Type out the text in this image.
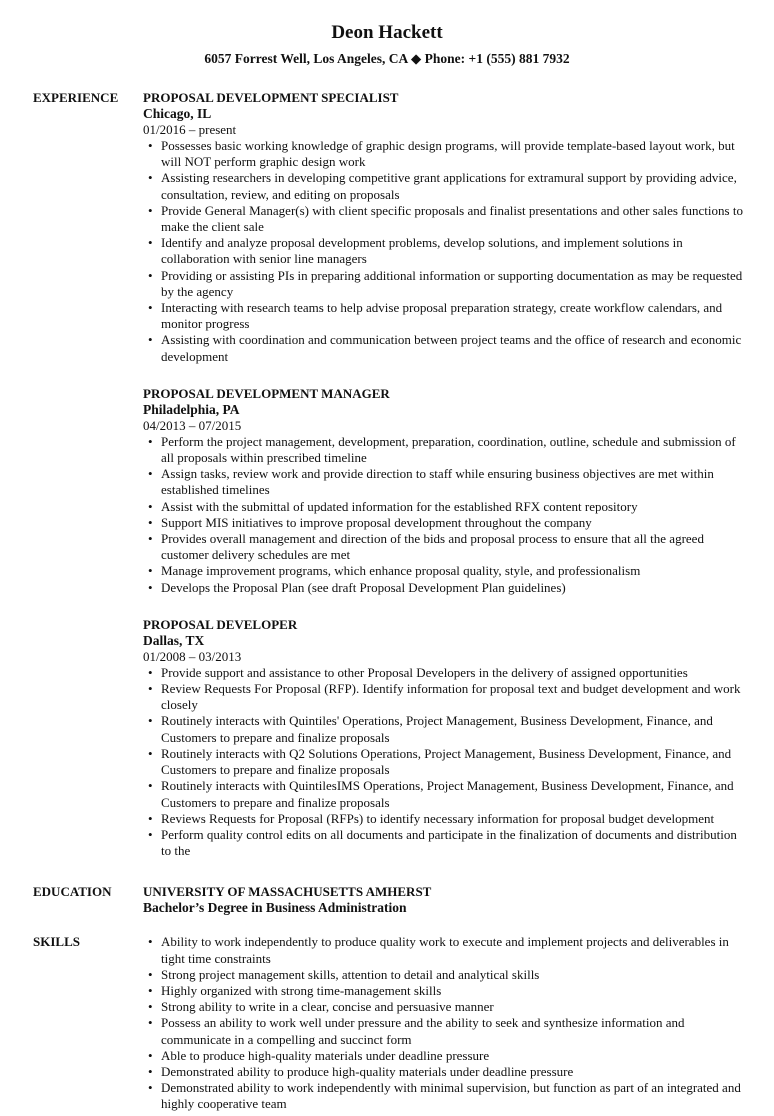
Deon Hackett
6057 Forrest Well, Los Angeles, CA ◆ Phone: +1 (555) 881 7932
EXPERIENCE PROPOSAL DEVELOPMENT SPECIALIST
Chicago, IL
01/2016 – present
• Possesses basic working knowledge of graphic design programs, will provide template-based layout work, but will NOT perform graphic design work
• Assisting researchers in developing competitive grant applications for extramural support by providing advice, consultation, review, and editing on proposals
• Provide General Manager(s) with client specific proposals and finalist presentations and other sales functions to make the client sale
• Identify and analyze proposal development problems, develop solutions, and implement solutions in collaboration with senior line managers
• Providing or assisting PIs in preparing additional information or supporting documentation as may be requested by the agency
• Interacting with research teams to help advise proposal preparation strategy, create workflow calendars, and monitor progress
• Assisting with coordination and communication between project teams and the office of research and economic development
PROPOSAL DEVELOPMENT MANAGER
Philadelphia, PA
04/2013 – 07/2015
• Perform the project management, development, preparation, coordination, outline, schedule and submission of all proposals within prescribed timeline
• Assign tasks, review work and provide direction to staff while ensuring business objectives are met within established timelines
• Assist with the submittal of updated information for the established RFX content repository
• Support MIS initiatives to improve proposal development throughout the company
• Provides overall management and direction of the bids and proposal process to ensure that all the agreed customer delivery schedules are met
• Manage improvement programs, which enhance proposal quality, style, and professionalism
• Develops the Proposal Plan (see draft Proposal Development Plan guidelines)
PROPOSAL DEVELOPER
Dallas, TX
01/2008 – 03/2013
• Provide support and assistance to other Proposal Developers in the delivery of assigned opportunities
• Review Requests For Proposal (RFP). Identify information for proposal text and budget development and work closely
• Routinely interacts with Quintiles' Operations, Project Management, Business Development, Finance, and Customers to prepare and finalize proposals
• Routinely interacts with Q2 Solutions Operations, Project Management, Business Development, Finance, and Customers to prepare and finalize proposals
• Routinely interacts with QuintilesIMS Operations, Project Management, Business Development, Finance, and Customers to prepare and finalize proposals
• Reviews Requests for Proposal (RFPs) to identify necessary information for proposal budget development
• Perform quality control edits on all documents and participate in the finalization of documents and distribution to the
EDUCATION UNIVERSITY OF MASSACHUSETTS AMHERST
Bachelor’s Degree in Business Administration
SKILLS
•	Ability to work independently to produce quality work to execute and implement projects and deliverables in tight time constraints
• Strong project management skills, attention to detail and analytical skills
• Highly organized with strong time-management skills
• Strong ability to write in a clear, concise and persuasive manner
• Possess an ability to work well under pressure and the ability to seek and synthesize information and communicate in a compelling and succinct form
• Able to produce high-quality materials under deadline pressure
• Demonstrated ability to produce high-quality materials under deadline pressure
• Demonstrated ability to work independently with minimal supervision, but function as part of an integrated and highly cooperative team
